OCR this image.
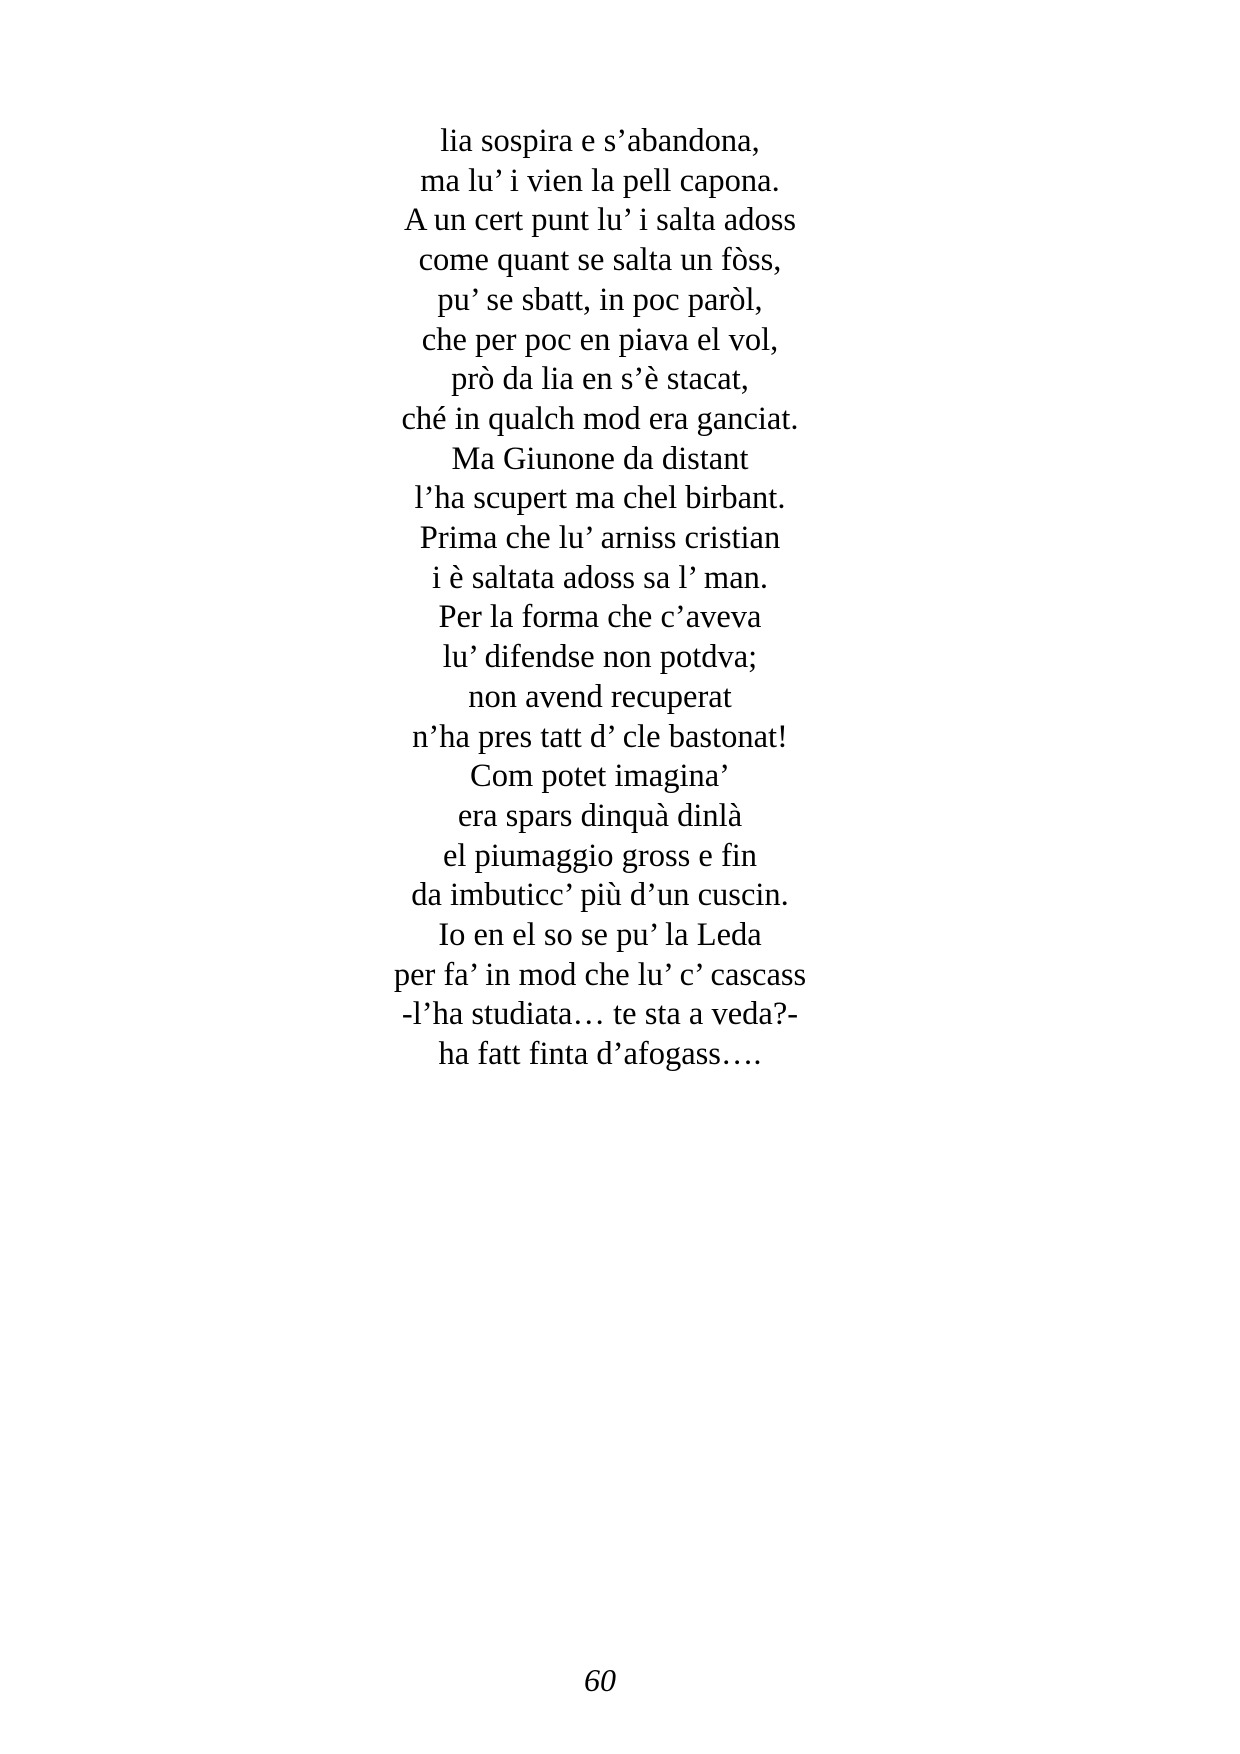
lia sospira e s’abandona,
ma lu’ i vien la pell capona.
A un cert punt lu’ i salta adoss
come quant se salta un fòss,
pu’ se sbatt, in poc paròl,
che per poc en piava el vol,
prò da lia en s’è stacat,
ché in qualch mod era ganciat.
Ma Giunone da distant
l’ha scupert ma chel birbant.
Prima che lu’ arniss cristian
i è saltata adoss sa l’ man.
Per la forma che c’aveva
lu’ difendse non potdva;
non avend recuperat
n’ha pres tatt d’ cle bastonat!
Com potet imagina’
era spars dinquà dinlà
el piumaggio gross e fin
da imbuticc’ più d’un cuscin.
Io en el so se pu’ la Leda
per fa’ in mod che lu’ c’ cascass
-l’ha studiata… te sta a veda?-
ha fatt finta d’afogass….
60
